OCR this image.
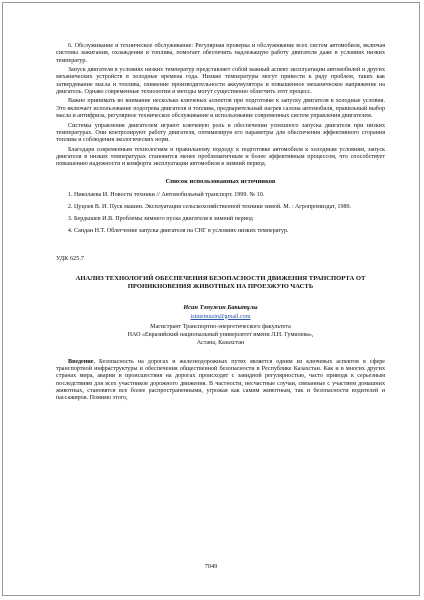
6. Обслуживание и техническое обслуживание: Регулярная проверка и обслуживание всех систем автомобиля, включая системы зажигания, охлаждения и топлива, помогает обеспечить надлежащую работу двигателя даже в условиях низких температур.

Запуск двигателя в условиях низких температур представляет собой важный аспект эксплуатации автомобилей и других механических устройств в холодные времена года. Низкие температуры могут привести к ряду проблем, таких как затвердевание масла и топлива, снижение производительности аккумулятора и повышенное механическое напряжение на двигатель. Однако современные технологии и методы могут существенно облегчить этот процесс.

Важно принимать во внимание несколько ключевых аспектов при подготовке к запуску двигателя в холодные условия. Это включает использование подогрева двигателя и топлива, предварительный нагрев салона автомобиля, правильный выбор масла и антифриза, регулярное техническое обслуживание и использование современных систем управления двигателем.

Системы управления двигателем играют ключевую роль в обеспечении успешного запуска двигателя при низких температурах. Они контролируют работу двигателя, оптимизируя его параметры для обеспечения эффективного сгорания топлива и соблюдения экологических норм.

Благодаря современным технологиям и правильному подходу к подготовке автомобиля к холодным условиям, запуск двигателя в низких температурах становится менее проблематичным и более эффективным процессом, что способствует повышению надежности и комфорта эксплуатации автомобиля в зимний период.

Список использованных источников
1. Николаева И. Новости техники // Автомобильный транспорт. 1999. № 10.
2. Цуцоев В. И. Пуск машин. Эксплуатация сельскохозяйственной техники зимой. М. : Агропромиздат, 1989.
3. Бердышев И.В. Проблемы зимнего пуска двигателя в зимний период
4. Сандан Н.Т. Облегчение запуска двигателя на СНГ в условиях низких температур.
УДК 625.7
АНАЛИЗ ТЕХНОЛОГИЙ ОБЕСПЕЧЕНИЯ БЕЗОПАСНОСТИ ДВИЖЕНИЯ ТРАНСПОРТА ОТ ПРОНИКНОВЕНИЯ ЖИВОТНЫХ НА ПРОЕЗЖУЮ ЧАСТЬ
Исин Тэмужин Бакытұлы
isintemuzin@gmail.com
Магистрант Транспортно-энергетического факультета
НАО «Евразийский национальный университет имени Л.Н. Гумилева»,
Астана, Казахстан

Введение. Безопасность на дорогах и железнодорожных путях является одним из ключевых аспектов в сфере транспортной инфраструктуры и обеспечения общественной безопасности в Республике Казахстан. Как и в многих других странах мира, аварии и происшествия на дорогах происходят с завидной регулярностью, часто приводя к серьезным последствиям для всех участников дорожного движения. В частности, несчастные случаи, связанные с участием домашних животных, становятся все более распространенными, угрожая как самим животным, так и безопасности водителей и пассажиров. Помимо этого,

7049
